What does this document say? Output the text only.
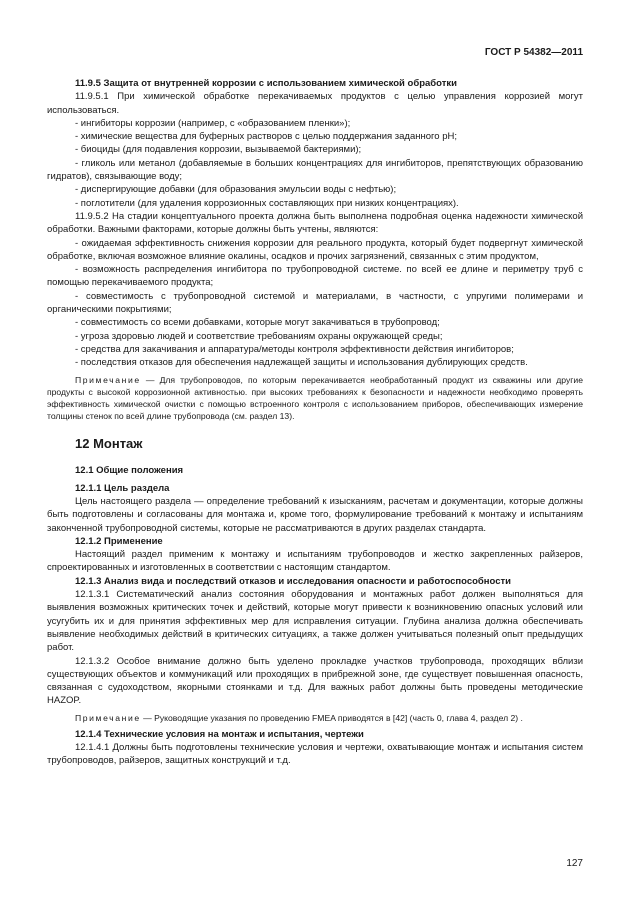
ГОСТ Р 54382—2011

11.9.5 Защита от внутренней коррозии с использованием химической обработки

11.9.5.1 При химической обработке перекачиваемых продуктов с целью управления коррозией могут использоваться.

- ингибиторы коррозии (например, с «образованием пленки»);

- химические вещества для буферных растворов с целью поддержания заданного pH;

- биоциды (для подавления коррозии, вызываемой бактериями);

- гликоль или метанол (добавляемые в больших концентрациях для ингибиторов, препятствующих образованию гидратов), связывающие воду;

- диспергирующие добавки (для образования эмульсии воды с нефтью);

- поглотители (для удаления коррозионных составляющих при низких концентрациях).

11.9.5.2 На стадии концептуального проекта должна быть выполнена подробная оценка надежности химической обработки. Важными факторами, которые должны быть учтены, являются:

- ожидаемая эффективность снижения коррозии для реального продукта, который будет подвергнут химической обработке, включая возможное влияние окалины, осадков и прочих загрязнений, связанных с этим продуктом,

- возможность распределения ингибитора по трубопроводной системе. по всей ее длине и периметру труб с помощью перекачиваемого продукта;

- совместимость с трубопроводной системой и материалами, в частности, с упругими полимерами и органическими покрытиями;

- совместимость со всеми добавками, которые могут закачиваться в трубопровод;

- угроза здоровью людей и соответствие требованиям охраны окружающей среды;

- средства для закачивания и аппаратура/методы контроля эффективности действия ингибиторов;

- последствия отказов для обеспечения надлежащей защиты и использования дублирующих средств.

Примечание — Для трубопроводов, по которым перекачивается необработанный продукт из скважины или другие продукты с высокой коррозионной активностью. при высоких требованиях к безопасности и надежности необходимо проверять эффективность химической очистки с помощью встроенного контроля с использованием приборов, обеспечивающих измерение толщины стенок по всей длине трубопровода (см. раздел 13).

12 Монтаж

12.1 Общие положения

12.1.1 Цель раздела

Цель настоящего раздела — определение требований к изысканиям, расчетам и документации, которые должны быть подготовлены и согласованы для монтажа и, кроме того, формулирование требований к монтажу и испытаниям законченной трубопроводной системы, которые не рассматриваются в других разделах стандарта.

12.1.2 Применение

Настоящий раздел применим к монтажу и испытаниям трубопроводов и жестко закрепленных райзеров, спроектированных и изготовленных в соответствии с настоящим стандартом.

12.1.3 Анализ вида и последствий отказов и исследования опасности и работоспособности

12.1.3.1 Систематический анализ состояния оборудования и монтажных работ должен выполняться для выявления возможных критических точек и действий, которые могут привести к возникновению опасных условий или усугубить их и для принятия эффективных мер для исправления ситуации. Глубина анализа должна обеспечивать выявление необходимых действий в критических ситуациях, а также должен учитываться полезный опыт предыдущих работ.

12.1.3.2 Особое внимание должно быть уделено прокладке участков трубопровода, проходящих вблизи существующих объектов и коммуникаций или проходящих в прибрежной зоне, где существует повышенная опасность, связанная с судоходством, якорными стоянками и т.д. Для важных работ должны быть проведены методические HAZOP.

Примечание — Руководящие указания по проведению FMEA приводятся в [42] (часть 0, глава 4, раздел 2) .

12.1.4 Технические условия на монтаж и испытания, чертежи

12.1.4.1 Должны быть подготовлены технические условия и чертежи, охватывающие монтаж и испытания систем трубопроводов, райзеров, защитных конструкций и т.д.

127
